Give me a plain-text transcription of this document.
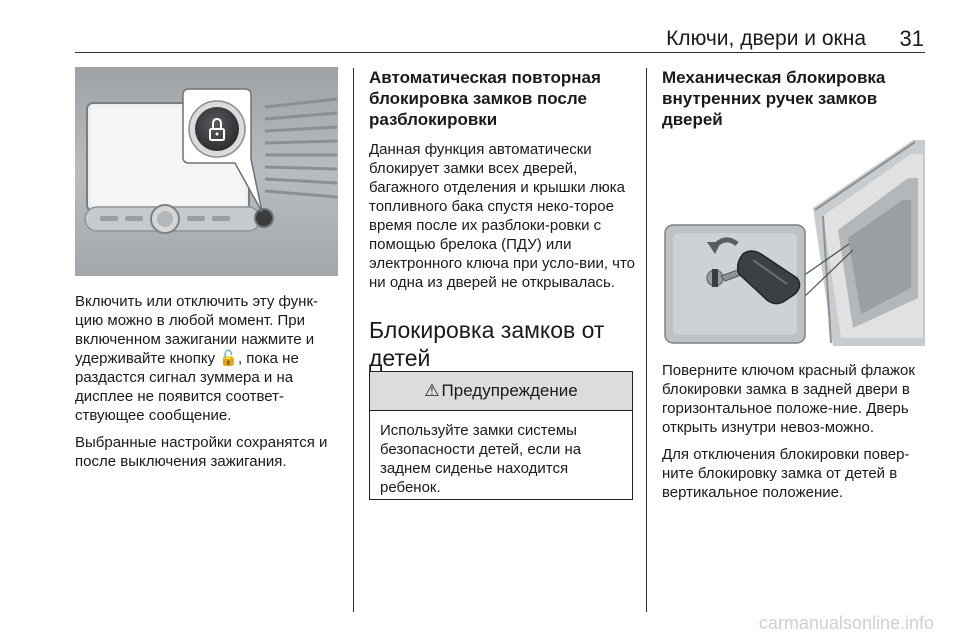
Ключи, двери и окна	31

Включить или отключить эту функ-цию можно в любой момент. При включенном зажигании нажмите и удерживайте кнопку 🔓, пока не раздастся сигнал зуммера и на дисплее не появится соответ-ствующее сообщение.

Выбранные настройки сохранятся и после выключения зажигания.

Автоматическая повторная блокировка замков после разблокировки

Данная функция автоматически блокирует замки всех дверей, багажного отделения и крышки люка топливного бака спустя неко-торое время после их разблоки-ровки с помощью брелока (ПДУ) или электронного ключа при усло-вии, что ни одна из дверей не открывалась.

Блокировка замков от детей
⚠ Предупреждение
Используйте замки системы безопасности детей, если на заднем сиденье находится ребенок.
Механическая блокировка внутренних ручек замков дверей

Поверните ключом красный флажок блокировки замка в задней двери в горизонтальное положе-ние. Дверь открыть изнутри невоз-можно.

Для отключения блокировки повер-ните блокировку замка от детей в вертикальное положение.

carmanualsonline.info
